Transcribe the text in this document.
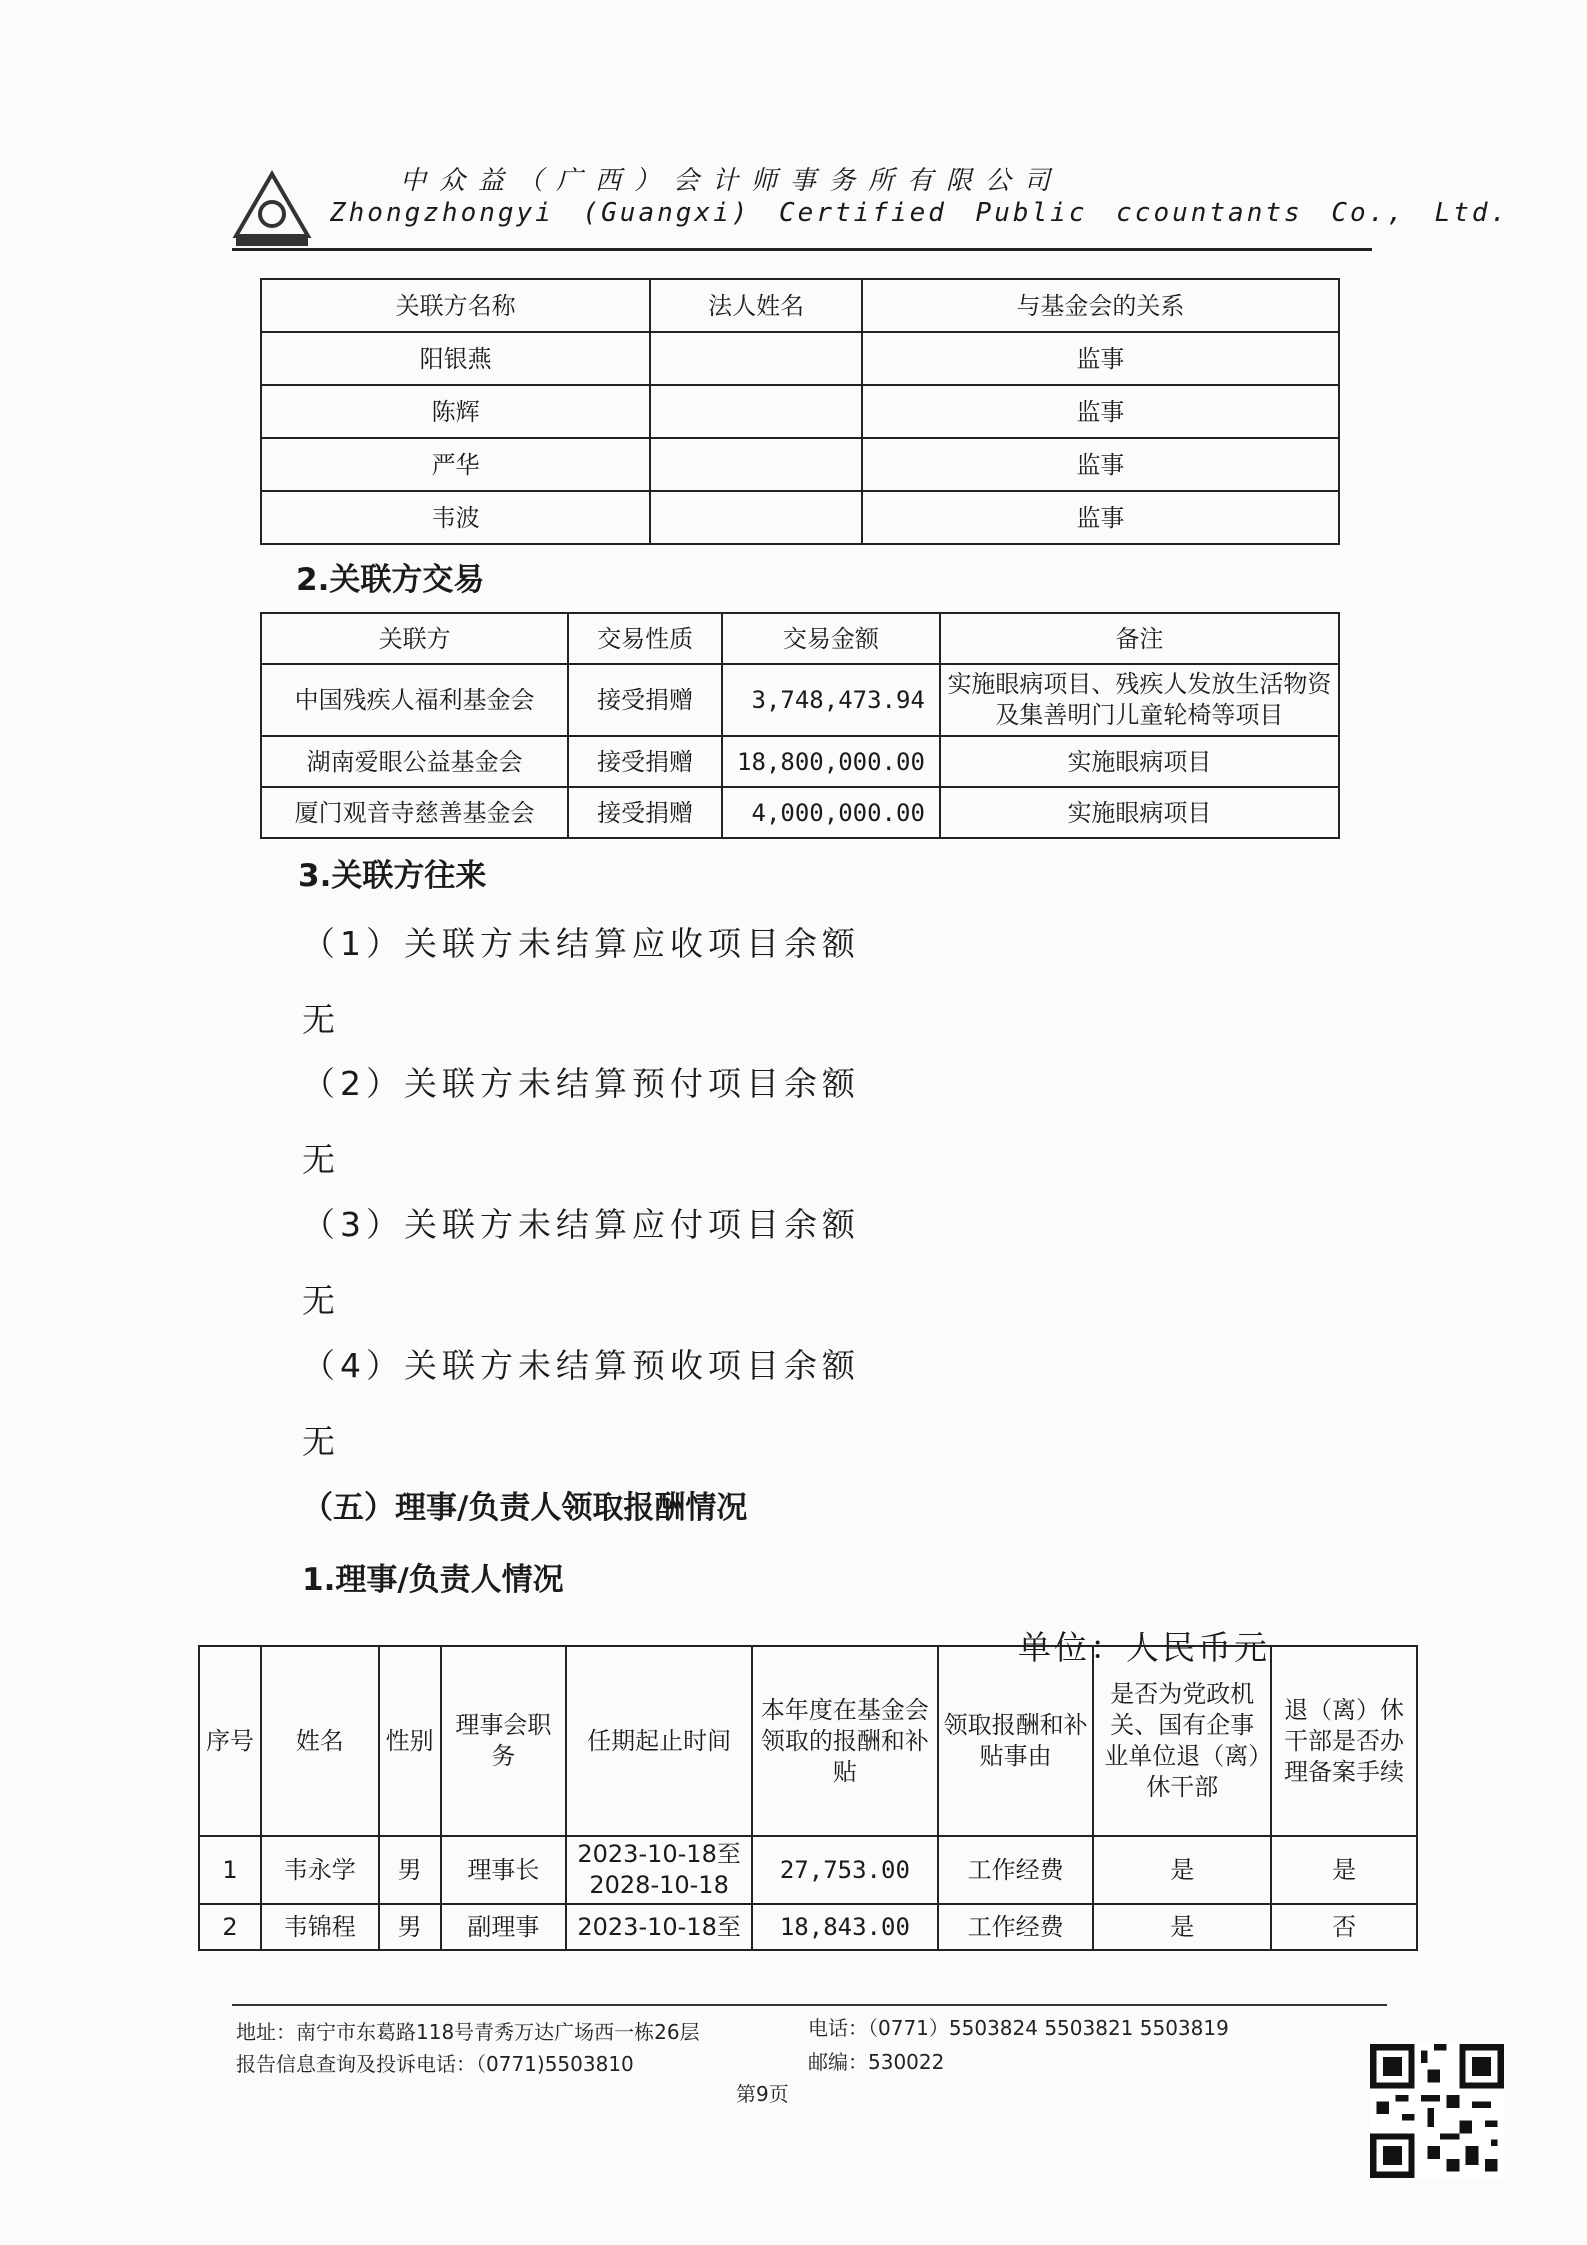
中众益（广西）会计师事务所有限公司
Zhongzhongyi (Guangxi) Certified Public ccountants Co., Ltd.
关联方名称	法人姓名	与基金会的关系
阳银燕		监事
陈辉		监事
严华		监事
韦波		监事
2.关联方交易
关联方	交易性质	交易金额	备注
中国残疾人福利基金会	接受捐赠	3,748,473.94	实施眼病项目、残疾人发放生活物资及集善明门儿童轮椅等项目
湖南爱眼公益基金会	接受捐赠	18,800,000.00	实施眼病项目
厦门观音寺慈善基金会	接受捐赠	4,000,000.00	实施眼病项目
3.关联方往来
（1）关联方未结算应收项目余额
无
（2）关联方未结算预付项目余额
无
（3）关联方未结算应付项目余额
无
（4）关联方未结算预收项目余额
无
（五）理事/负责人领取报酬情况
1.理事/负责人情况
单位：人民币元
序号	姓名	性别	理事会职务	任期起止时间	本年度在基金会领取的报酬和补贴	领取报酬和补贴事由	是否为党政机关、国有企事业单位退（离）休干部	退（离）休干部是否办理备案手续
1	韦永学	男	理事长	2023-10-18至2028-10-18	27,753.00	工作经费	是	是
2	韦锦程	男	副理事	2023-10-18至	18,843.00	工作经费	是	否
地址：南宁市东葛路118号青秀万达广场西一栋26层	电话：（0771）5503824 5503821 5503819
报告信息查询及投诉电话：（0771)5503810	邮编：530022
第9页
